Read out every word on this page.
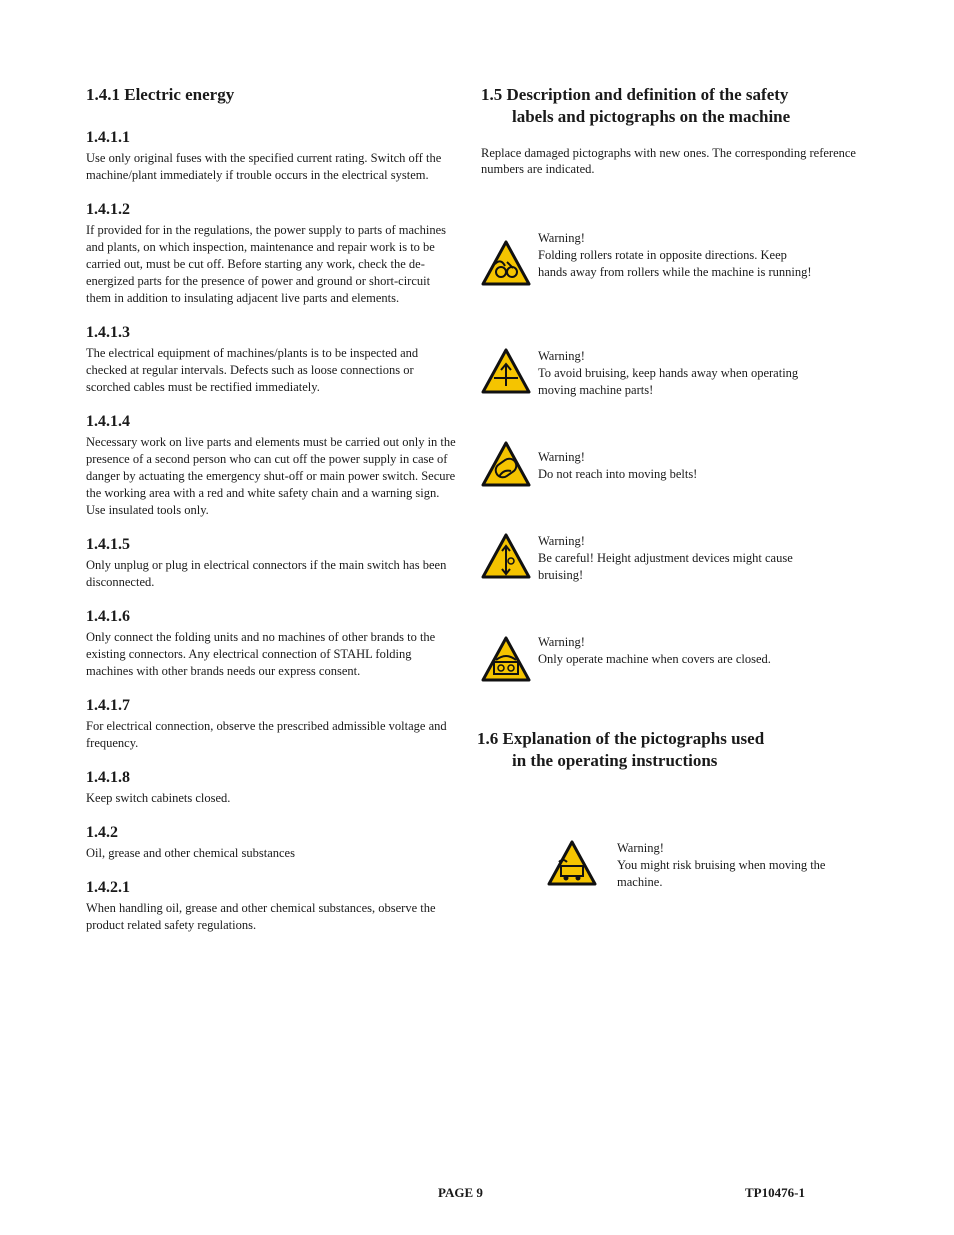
1.4.1 Electric energy
1.4.1.1

Use only original fuses with the specified current rating. Switch off the machine/plant immediately if trouble occurs in the electrical system.

1.4.1.2

If provided for in the regulations, the power supply to parts of machines and plants, on which inspection, maintenance and repair work is to be carried out, must be cut off. Before starting any work, check the de-energized parts for the presence of power and ground or short-circuit them in addition to insulating adjacent live parts and elements.

1.4.1.3

The electrical equipment of machines/plants is to be inspected and checked at regular intervals. Defects such as loose connections or scorched cables must be rectified immediately.

1.4.1.4

Necessary work on live parts and elements must be carried out only in the presence of a second person who can cut off the power supply in case of danger by actuating the emergency shut-off or main power switch. Secure the working area with a red and white safety chain and a warning sign. Use insulated tools only.

1.4.1.5

Only unplug or plug in electrical connectors if the main switch has been disconnected.

1.4.1.6

Only connect the folding units and no machines of other brands to the existing connectors. Any electrical connection of STAHL folding machines with other brands needs our express consent.

1.4.1.7

For electrical connection, observe the prescribed admissible voltage and frequency.

1.4.1.8

Keep switch cabinets closed.

1.4.2

Oil, grease and other chemical substances

1.4.2.1

When handling oil, grease and other chemical substances, observe the product related safety regulations.

1.5 Description and definition of the safety
labels and pictographs on the machine

Replace damaged pictographs with new ones. The corresponding reference numbers are indicated.

Warning!
Folding rollers rotate in opposite directions. Keep hands away from rollers while the machine is running!
Warning!
To avoid bruising, keep hands away when operating moving machine parts!
Warning!
Do not reach into moving belts!
Warning!
Be careful! Height adjustment devices might cause bruising!
Warning!
Only operate machine when covers are closed.
1.6 Explanation of the pictographs used
in the operating instructions
Warning!
You might risk bruising when moving the machine.
PAGE 9	TP10476-1
